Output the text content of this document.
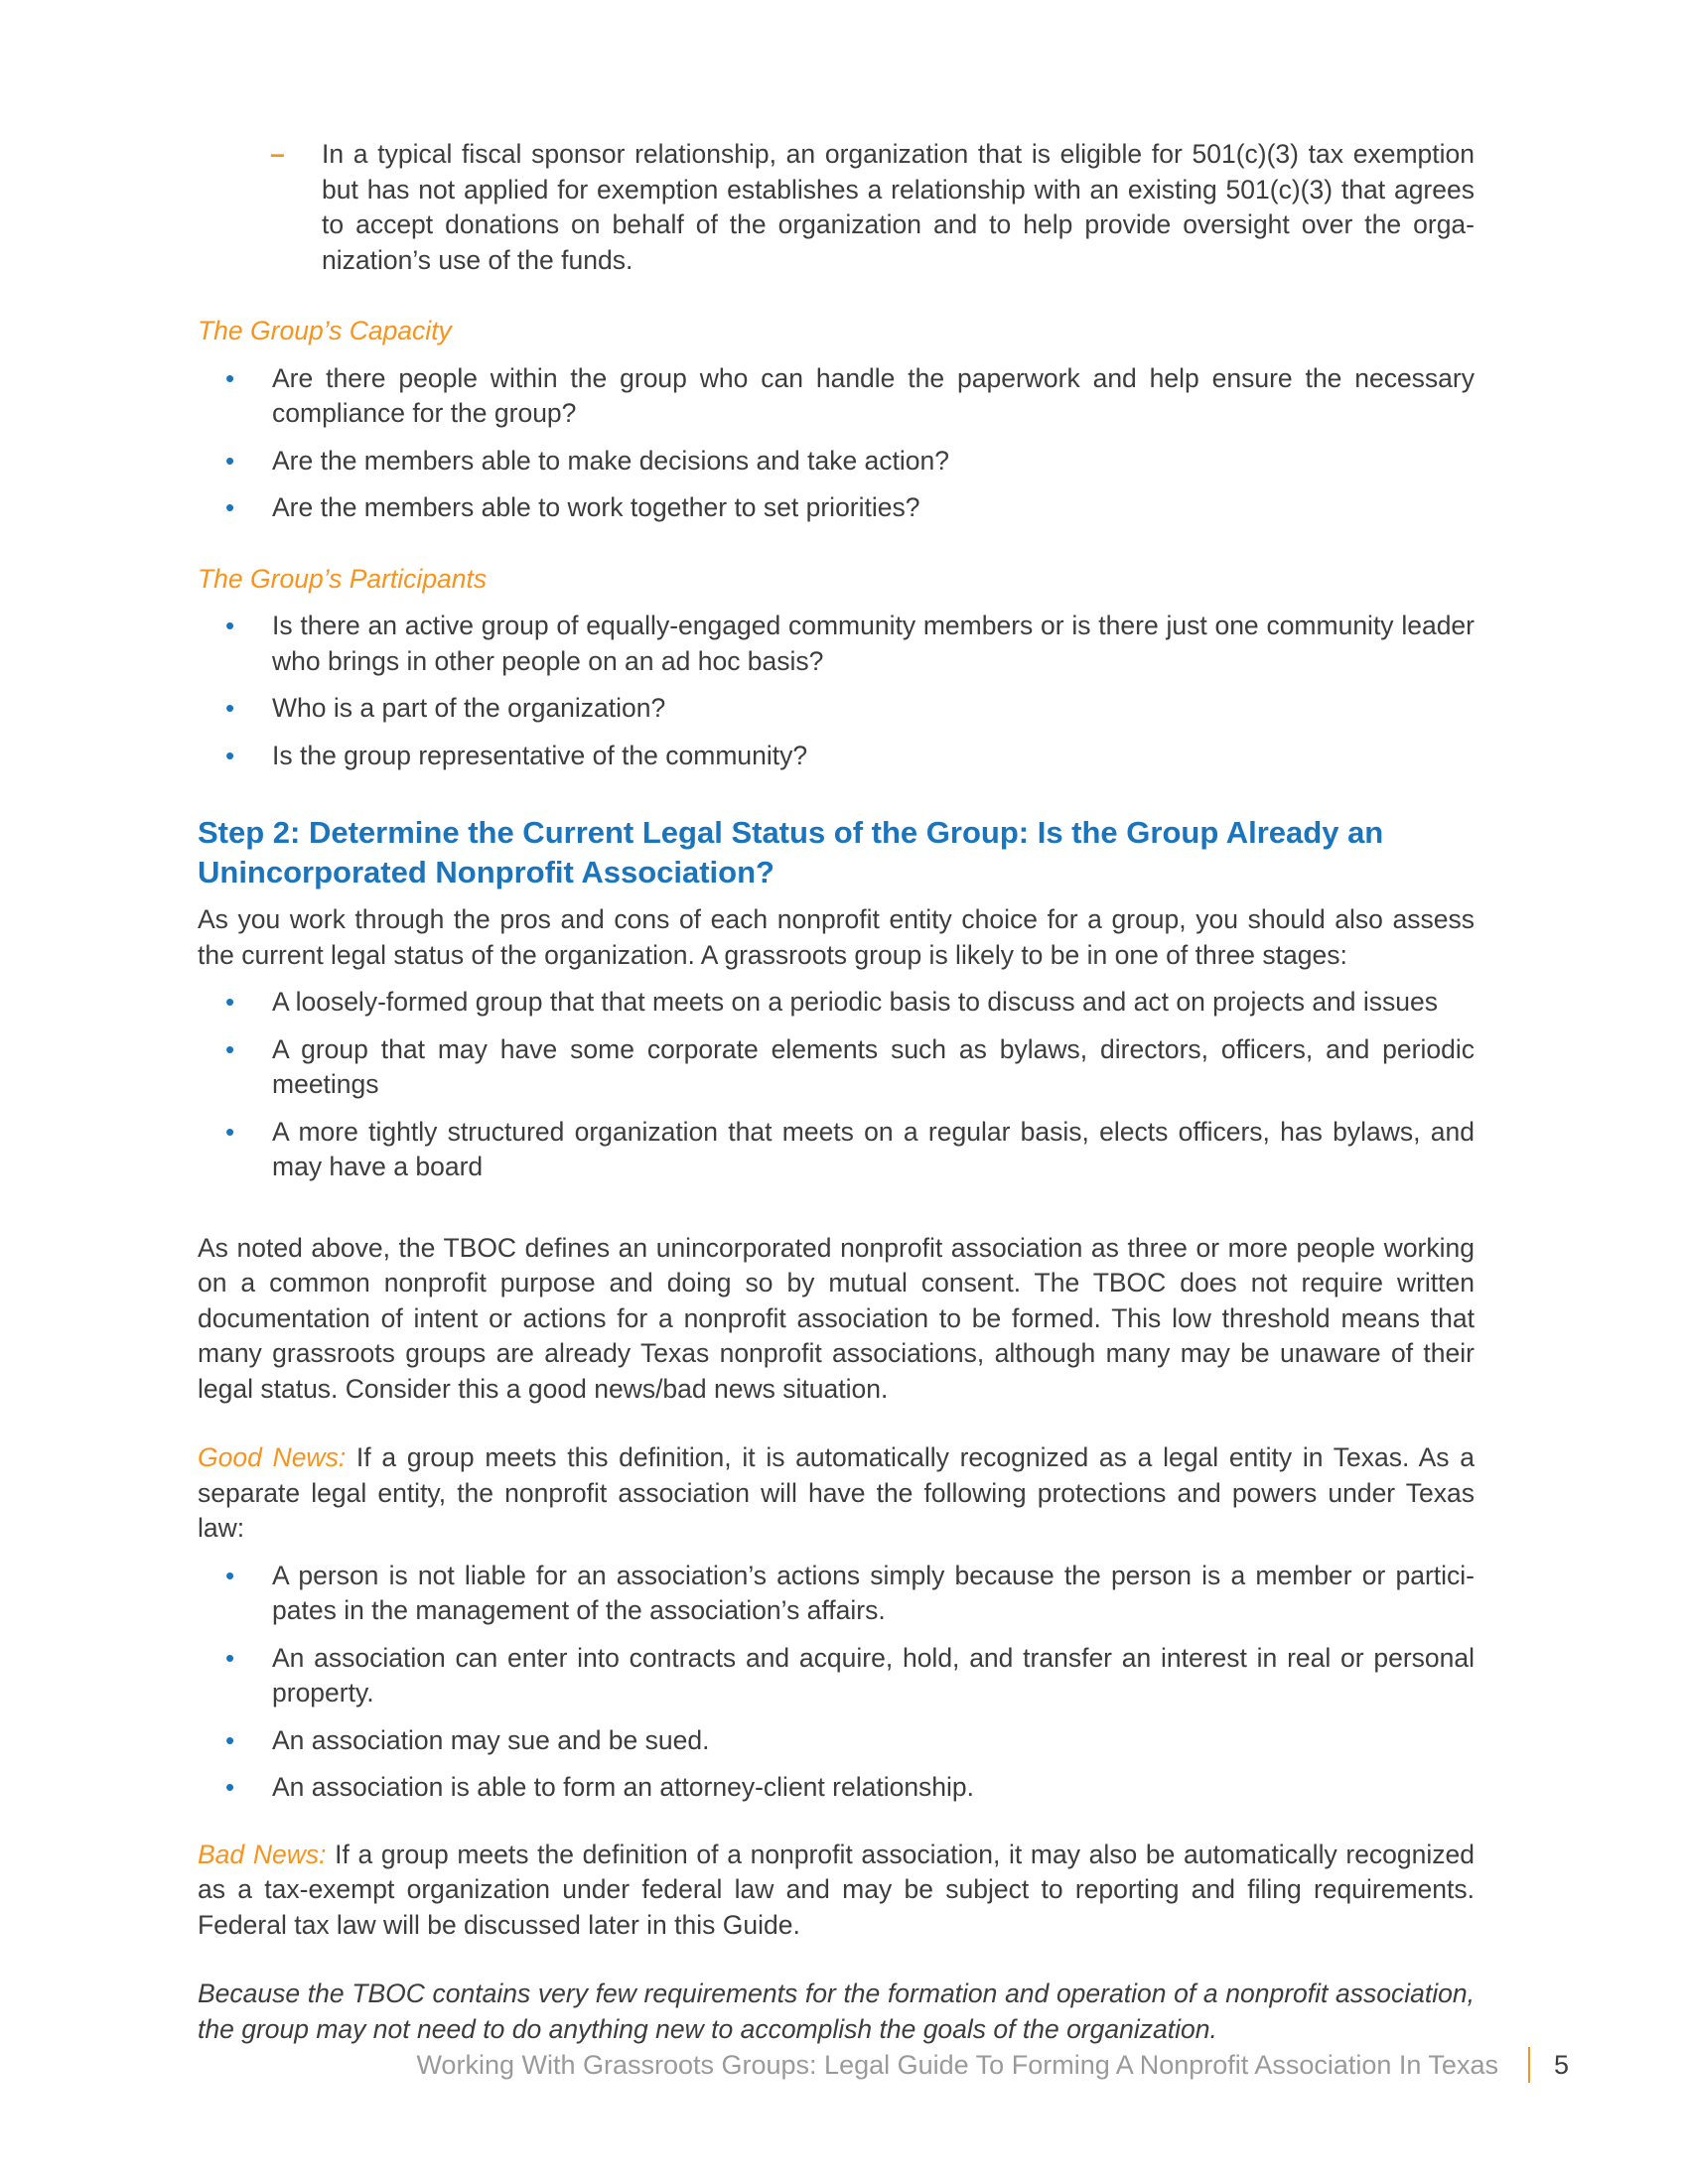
– In a typical fiscal sponsor relationship, an organization that is eligible for 501(c)(3) tax exemption but has not applied for exemption establishes a relationship with an existing 501(c)(3) that agrees to accept donations on behalf of the organization and to help provide oversight over the orga-nization’s use of the funds.
The Group’s Capacity
• Are there people within the group who can handle the paperwork and help ensure the necessary compliance for the group?
• Are the members able to make decisions and take action?
• Are the members able to work together to set priorities?
The Group’s Participants
• Is there an active group of equally-engaged community members or is there just one community leader who brings in other people on an ad hoc basis?
• Who is a part of the organization?
• Is the group representative of the community?
Step 2: Determine the Current Legal Status of the Group: Is the Group Already an Unincorporated Nonprofit Association?

As you work through the pros and cons of each nonprofit entity choice for a group, you should also assess the current legal status of the organization. A grassroots group is likely to be in one of three stages:

• A loosely-formed group that that meets on a periodic basis to discuss and act on projects and issues
• A group that may have some corporate elements such as bylaws, directors, officers, and periodic meetings
• A more tightly structured organization that meets on a regular basis, elects officers, has bylaws, and may have a board

As noted above, the TBOC defines an unincorporated nonprofit association as three or more people working on a common nonprofit purpose and doing so by mutual consent. The TBOC does not require written documentation of intent or actions for a nonprofit association to be formed. This low threshold means that many grassroots groups are already Texas nonprofit associations, although many may be unaware of their legal status. Consider this a good news/bad news situation.

Good News: If a group meets this definition, it is automatically recognized as a legal entity in Texas. As a separate legal entity, the nonprofit association will have the following protections and powers under Texas law:

• A person is not liable for an association’s actions simply because the person is a member or partici-pates in the management of the association’s affairs.
• An association can enter into contracts and acquire, hold, and transfer an interest in real or personal property.
• An association may sue and be sued.
• An association is able to form an attorney-client relationship.

Bad News: If a group meets the definition of a nonprofit association, it may also be automatically recognized as a tax-exempt organization under federal law and may be subject to reporting and filing requirements. Federal tax law will be discussed later in this Guide.

Because the TBOC contains very few requirements for the formation and operation of a nonprofit association, the group may not need to do anything new to accomplish the goals of the organization.

Working With Grassroots Groups: Legal Guide To Forming A Nonprofit Association In Texas 5
